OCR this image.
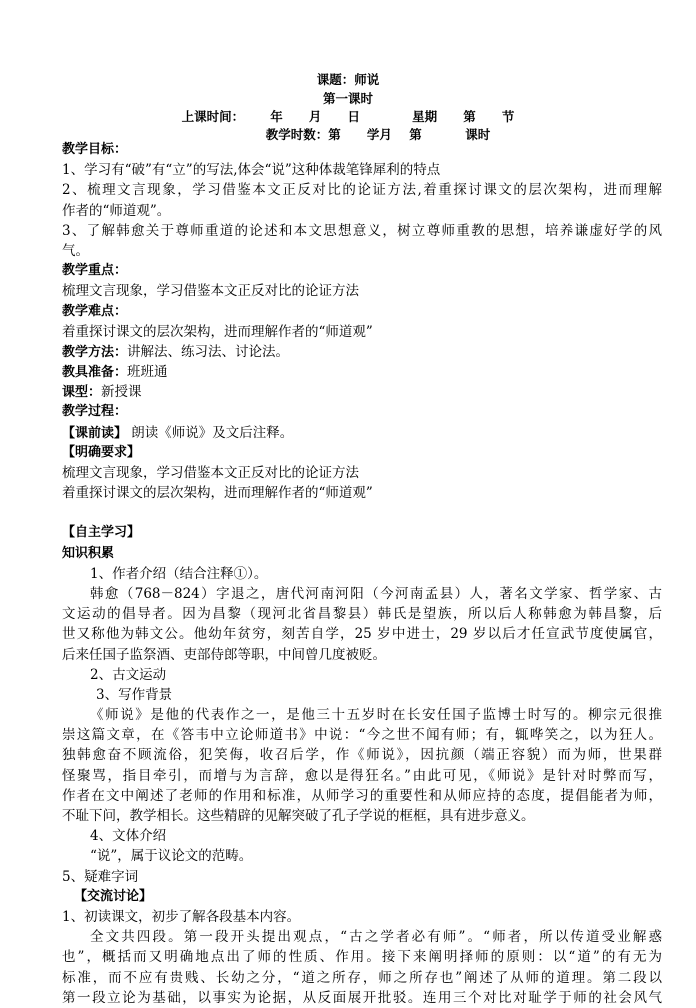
课题：师说
第一课时
上课时间：      年      月      日            星期      第      节
教学时数：第      学月    第          课时
教学目标：
1、学习有“破”有“立”的写法,体会“说”这种体裁笔锋犀利的特点
2、梳理文言现象，学习借鉴本文正反对比的论证方法,着重探讨课文的层次架构，进而理解
作者的“师道观”。
3、了解韩愈关于尊师重道的论述和本文思想意义，树立尊师重教的思想，培养谦虚好学的风
气。
教学重点：
梳理文言现象，学习借鉴本文正反对比的论证方法
教学难点：
着重探讨课文的层次架构，进而理解作者的“师道观”
教学方法：讲解法、练习法、讨论法。
教具准备：班班通
课型：新授课
教学过程：
【课前读】 朗读《师说》及文后注释。
【明确要求】
梳理文言现象，学习借鉴本文正反对比的论证方法
着重探讨课文的层次架构，进而理解作者的“师道观”
【自主学习】
知识积累
1、作者介绍（结合注释①）。
韩愈（768－824）字退之，唐代河南河阳（今河南孟县）人，著名文学家、哲学家、古
文运动的倡导者。因为昌黎（现河北省昌黎县）韩氏是望族，所以后人称韩愈为韩昌黎，后
世又称他为韩文公。他幼年贫穷，刻苦自学，25 岁中进士，29 岁以后才任宣武节度使属官，
后来任国子监祭酒、吏部侍郎等职，中间曾几度被贬。
2、古文运动
3、写作背景
《师说》是他的代表作之一，是他三十五岁时在长安任国子监博士时写的。柳宗元很推
崇这篇文章，在《答韦中立论师道书》中说：“今之世不闻有师；有，辄哗笑之，以为狂人。
独韩愈奋不顾流俗，犯笑侮，收召后学，作《师说》，因抗颜（端正容貌）而为师，世果群
怪聚骂，指目牵引，而增与为言辞，愈以是得狂名。”由此可见，《师说》是针对时弊而写，
作者在文中阐述了老师的作用和标准，从师学习的重要性和从师应持的态度，提倡能者为师，
不耻下问，教学相长。这些精辟的见解突破了孔子学说的框框，具有进步意义。
4、文体介绍
“说”，属于议论文的范畴。
5、疑难字词
【交流讨论】
1、初读课文，初步了解各段基本内容。
全文共四段。第一段开头提出观点，“古之学者必有师”。“师者，所以传道受业解惑
也”，概括而又明确地点出了师的性质、作用。接下来阐明择师的原则：以“道”的有无为
标准，而不应有贵贱、长幼之分，“道之所存，师之所存也”阐述了从师的道理。第二段以
第一段立论为基础，以事实为论据，从反面展开批驳。连用三个对比对耻学于师的社会风气
